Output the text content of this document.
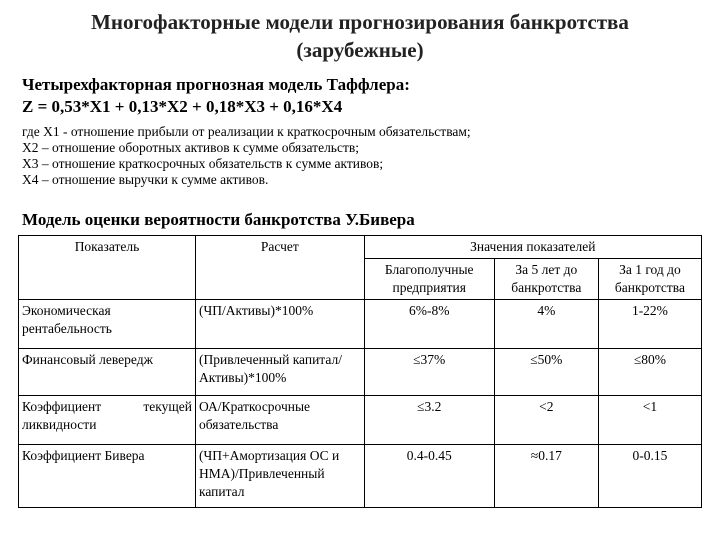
Многофакторные модели прогнозирования банкротства
(зарубежные)
Четырехфакторная прогнозная модель Таффлера:
Z = 0,53*X1 + 0,13*X2 + 0,18*X3 + 0,16*X4
где X1 - отношение прибыли от реализации к краткосрочным обязательствам;
X2 – отношение оборотных активов к сумме обязательств;
X3 – отношение краткосрочных обязательств к сумме активов;
X4 – отношение выручки к сумме активов.
Модель оценки вероятности банкротства У.Бивера
Показатель	Расчет	Значения показателей		
		Благополучные предприятия	За 5 лет до банкротства	За 1 год до банкротства
Экономическая рентабельность	(ЧП/Активы)*100%	6%-8%	4%	1-22%
Финансовый левередж	(Привлеченный капитал/Активы)*100%	≤37%	≤50%	≤80%
Коэффициент текущей ликвидности	ОА/Краткосрочные обязательства	≤3.2	<2	<1
Коэффициент Бивера	(ЧП+Амортизация ОС и НМА)/Привлеченный капитал	0.4-0.45	≈0.17	0-0.15
